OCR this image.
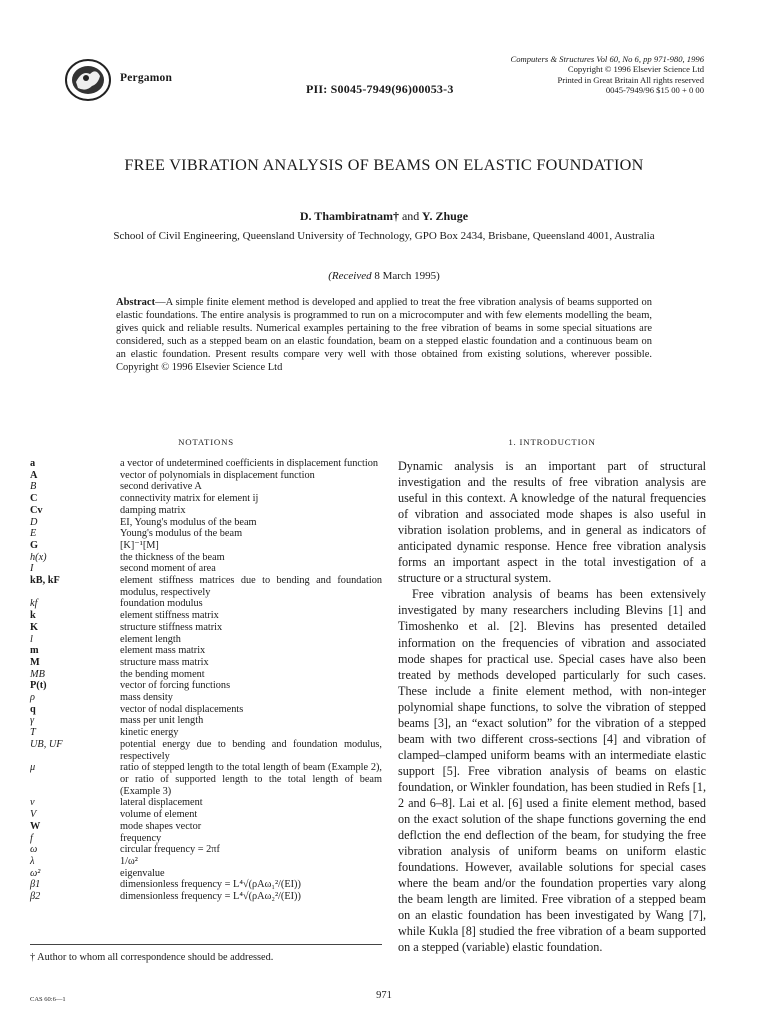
Pergamon
PII: S0045-7949(96)00053-3
Computers & Structures Vol 60, No 6, pp 971-980, 1996
Copyright © 1996 Elsevier Science Ltd
Printed in Great Britain All rights reserved
0045-7949/96 $15 00 + 0 00
FREE VIBRATION ANALYSIS OF BEAMS ON ELASTIC FOUNDATION
D. Thambiratnam† and Y. Zhuge
School of Civil Engineering, Queensland University of Technology, GPO Box 2434, Brisbane, Queensland 4001, Australia
(Received 8 March 1995)
Abstract—A simple finite element method is developed and applied to treat the free vibration analysis of beams supported on elastic foundations. The entire analysis is programmed to run on a microcomputer and with few elements modelling the beam, gives quick and reliable results. Numerical examples pertaining to the free vibration of beams in some special situations are considered, such as a stepped beam on an elastic foundation, beam on a stepped elastic foundation and a continuous beam on an elastic foundation. Present results compare very well with those obtained from existing solutions, wherever possible. Copyright © 1996 Elsevier Science Ltd
NOTATIONS	1. INTRODUCTION
a	a vector of undetermined coefficients in displacement function
A	vector of polynomials in displacement function
B	second derivative A
C	connectivity matrix for element ij
Cv	damping matrix
D	EI, Young's modulus of the beam
E	Young's modulus of the beam
G	[K]⁻¹[M]
h(x)	the thickness of the beam
I	second moment of area
kB, kF	element stiffness matrices due to bending and foundation modulus, respectively
kf	foundation modulus
k	element stiffness matrix
K	structure stiffness matrix
l	element length
m	element mass matrix
M	structure mass matrix
MB	the bending moment
P(t)	vector of forcing functions
ρ	mass density
q	vector of nodal displacements
γ	mass per unit length
T	kinetic energy
UB, UF	potential energy due to bending and foundation modulus, respectively
μ	ratio of stepped length to the total length of beam (Example 2), or ratio of supported length to the total length of beam (Example 3)
v	lateral displacement
V	volume of element
W	mode shapes vector
f	frequency
ω	circular frequency = 2πf
λ	1/ω²
ω²	eigenvalue
β1	dimensionless frequency = L⁴√(ρAω₁²/(EI))
β2	dimensionless frequency = L⁴√(ρAω₂²/(EI))
† Author to whom all correspondence should be addressed.

Dynamic analysis is an important part of structural investigation and the results of free vibration analysis are useful in this context. A knowledge of the natural frequencies of vibration and associated mode shapes is also useful in vibration isolation problems, and in general as indicators of anticipated dynamic response. Hence free vibration analysis forms an important aspect in the total investigation of a structure or a structural system.

Free vibration analysis of beams has been extensively investigated by many researchers including Blevins [1] and Timoshenko et al. [2]. Blevins has presented detailed information on the frequencies of vibration and associated mode shapes for practical use. Special cases have also been treated by methods developed particularly for such cases. These include a finite element method, with non-integer polynomial shape functions, to solve the vibration of stepped beams [3], an “exact solution” for the vibration of a stepped beam with two different cross-sections [4] and vibration of clamped–clamped uniform beams with an intermediate elastic support [5]. Free vibration analysis of beams on elastic foundation, or Winkler foundation, has been studied in Refs [1, 2 and 6–8]. Lai et al. [6] used a finite element method, based on the exact solution of the shape functions governing the end deflction the end deflection of the beam, for studying the free vibration analysis of uniform beams on uniform elastic foundations. However, available solutions for special cases where the beam and/or the foundation properties vary along the beam length are limited. Free vibration of a stepped beam on an elastic foundation has been investigated by Wang [7], while Kukla [8] studied the free vibration of a beam supported on a stepped (variable) elastic foundation.

CAS 60:6—1	971
